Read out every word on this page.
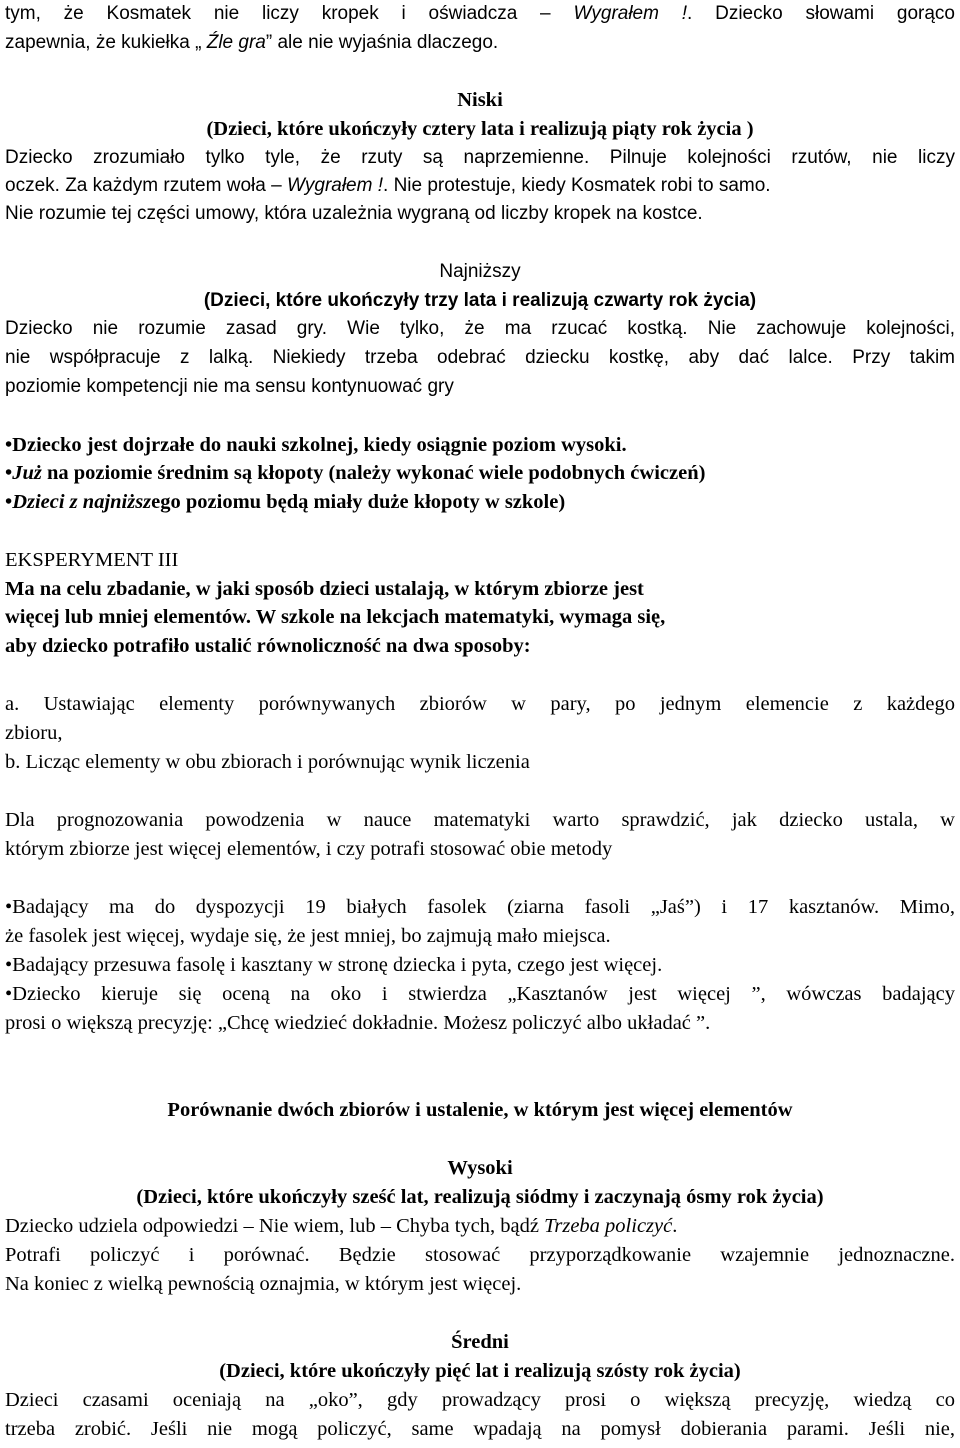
tym, że Kosmatek nie liczy kropek i oświadcza – Wygrałem !. Dziecko słowami gorąco
zapewnia, że kukiełka „ Źle gra” ale nie wyjaśnia dlaczego.
Niski
(Dzieci, które ukończyły cztery lata i realizują piąty rok życia )
Dziecko zrozumiało tylko tyle, że rzuty są naprzemienne. Pilnuje kolejności rzutów, nie liczy
oczek. Za każdym rzutem woła – Wygrałem !. Nie protestuje, kiedy Kosmatek robi to samo.
Nie rozumie tej części umowy, która uzależnia wygraną od liczby kropek na kostce.
Najniższy
(Dzieci, które ukończyły trzy lata i realizują czwarty rok życia)
Dziecko nie rozumie zasad gry. Wie tylko, że ma rzucać kostką. Nie zachowuje kolejności,
nie współpracuje z lalką. Niekiedy trzeba odebrać dziecku kostkę, aby dać lalce. Przy takim
poziomie kompetencji nie ma sensu kontynuować gry
•Dziecko jest dojrzałe do nauki szkolnej, kiedy osiągnie poziom wysoki.
•Już na poziomie średnim są kłopoty (należy wykonać wiele podobnych ćwiczeń)
•Dzieci z najniższego poziomu będą miały duże kłopoty w szkole)
EKSPERYMENT III
Ma na celu zbadanie, w jaki sposób dzieci ustalają, w którym zbiorze jest
więcej lub mniej elementów. W szkole na lekcjach matematyki, wymaga się,
aby dziecko potrafiło ustalić równoliczność na dwa sposoby:
a. Ustawiając elementy porównywanych zbiorów w pary, po jednym elemencie z każdego
zbioru,
b. Licząc elementy w obu zbiorach i porównując wynik liczenia
Dla prognozowania powodzenia w nauce matematyki warto sprawdzić, jak dziecko ustala, w
którym zbiorze jest więcej elementów, i czy potrafi stosować obie metody
•Badający ma do dyspozycji 19 białych fasolek (ziarna fasoli „Jaś”) i 17 kasztanów. Mimo,
że fasolek jest więcej, wydaje się, że jest mniej, bo zajmują mało miejsca.
•Badający przesuwa fasolę i kasztany w stronę dziecka i pyta, czego jest więcej.
•Dziecko kieruje się oceną na oko i stwierdza „Kasztanów jest więcej ”, wówczas badający
prosi o większą precyzję: „Chcę wiedzieć dokładnie. Możesz policzyć albo układać ”.
Porównanie dwóch zbiorów i ustalenie, w którym jest więcej elementów
Wysoki
(Dzieci, które ukończyły sześć lat, realizują siódmy i zaczynają ósmy rok życia)
Dziecko udziela odpowiedzi – Nie wiem, lub – Chyba tych, bądź Trzeba policzyć.
Potrafi policzyć i porównać. Będzie stosować przyporządkowanie wzajemnie jednoznaczne.
Na koniec z wielką pewnością oznajmia, w którym jest więcej.
Średni
(Dzieci, które ukończyły pięć lat i realizują szósty rok życia)
Dzieci czasami oceniają na „oko”, gdy prowadzący prosi o większą precyzję, wiedzą co
trzeba zrobić. Jeśli nie mogą policzyć, same wpadają na pomysł dobierania parami. Jeśli nie,
